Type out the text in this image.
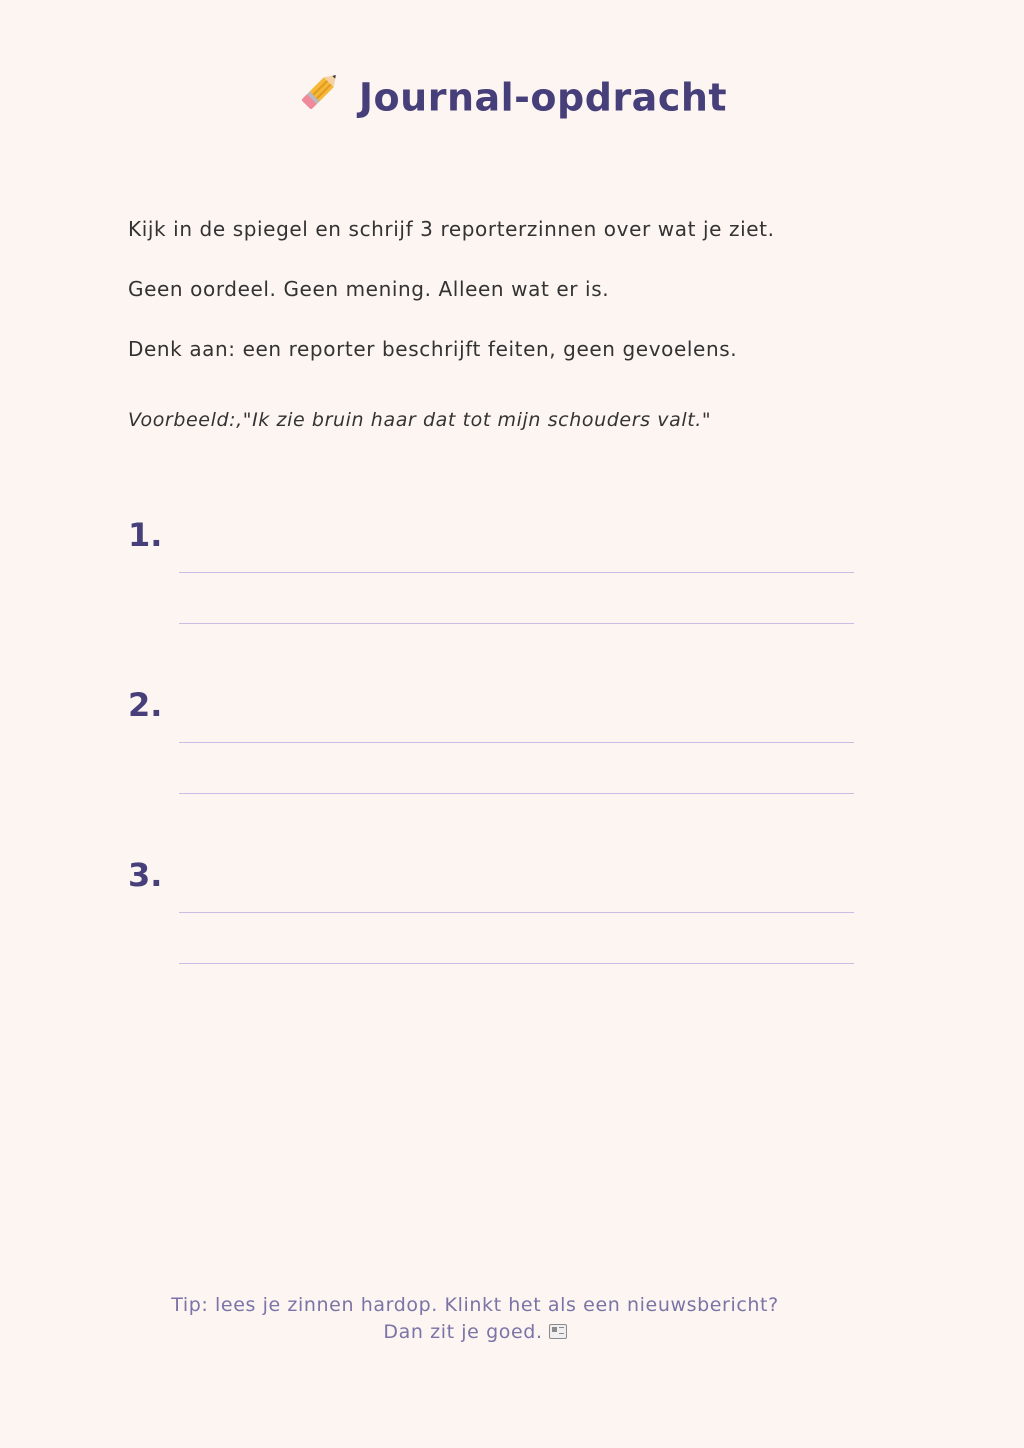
Journal-opdracht
Kijk in de spiegel en schrijf 3 reporterzinnen over wat je ziet.
Geen oordeel. Geen mening. Alleen wat er is.
Denk aan: een reporter beschrijft feiten, geen gevoelens.
Voorbeeld:,"Ik zie bruin haar dat tot mijn schouders valt."
1.
2.
3.
Tip: lees je zinnen hardop. Klinkt het als een nieuwsbericht? Dan zit je goed.
